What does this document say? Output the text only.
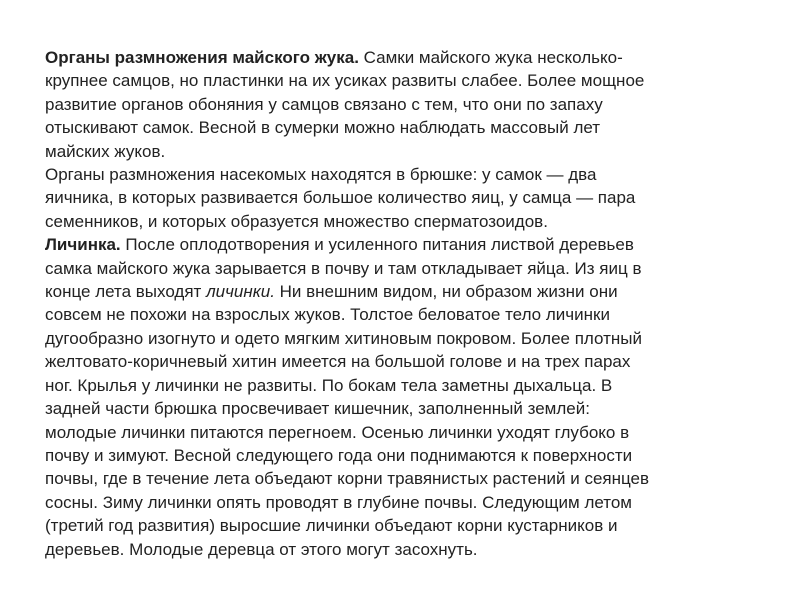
Органы размножения майского жука. Самки майского жука несколько-
крупнее самцов, но пластинки на их усиках развиты слабее. Более мощное
развитие органов обоняния у самцов связано с тем, что они по запаху
отыскивают самок. Весной в сумерки можно наблюдать массовый лет
майских жуков.
Органы размножения насекомых находятся в брюшке: у самок — два
яичника, в которых развивается большое количество яиц, у самца — пара
семенников, и которых образуется множество сперматозоидов.
Личинка. После оплодотворения и усиленного питания листвой деревьев
самка майского жука зарывается в почву и там откладывает яйца. Из яиц в
конце лета выходят личинки. Ни внешним видом, ни образом жизни они
совсем не похожи на взрослых жуков. Толстое беловатое тело личинки
дугообразно изогнуто и одето мягким хитиновым покровом. Более плотный
желтовато-коричневый хитин имеется на большой голове и на трех парах
ног. Крылья у личинки не развиты. По бокам тела заметны дыхальца. В
задней части брюшка просвечивает кишечник, заполненный землей:
молодые личинки питаются перегноем. Осенью личинки уходят глубоко в
почву и зимуют. Весной следующего года они поднимаются к поверхности
почвы, где в течение лета объедают корни травянистых растений и сеянцев
сосны. Зиму личинки опять проводят в глубине почвы. Следующим летом
(третий год развития) выросшие личинки объедают корни кустарников и
деревьев. Молодые деревца от этого могут засохнуть.
